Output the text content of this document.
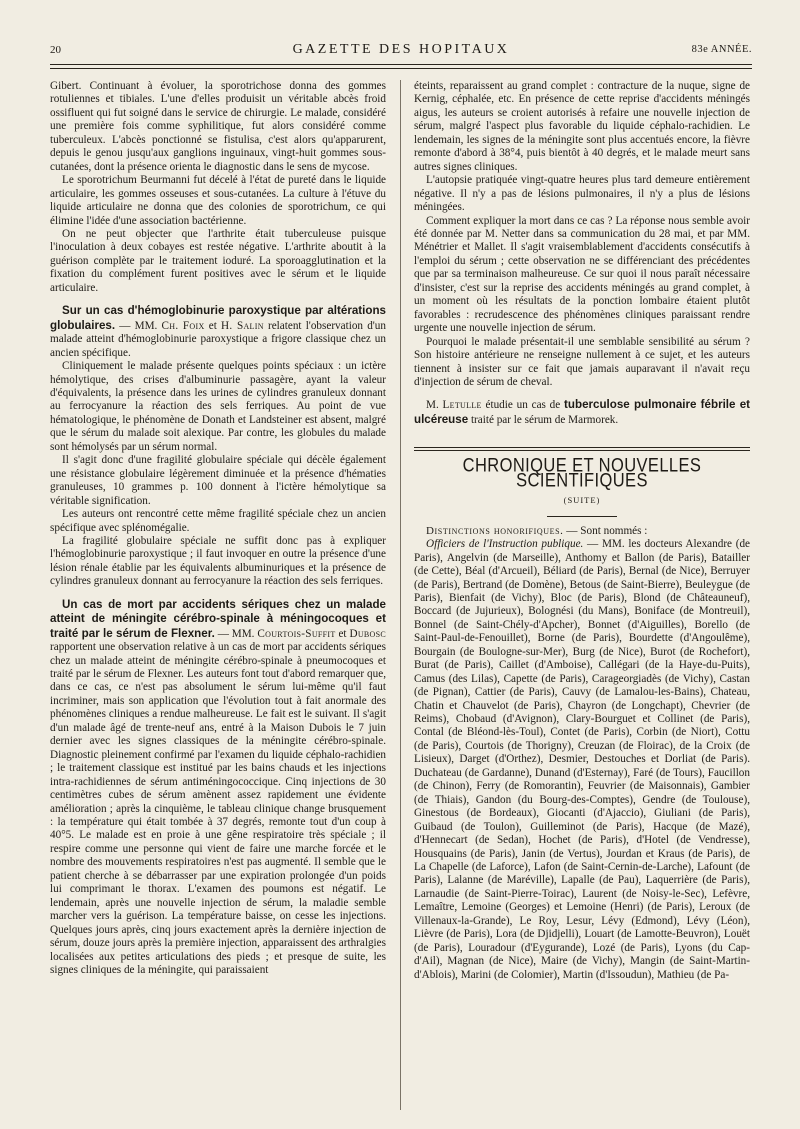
20	GAZETTE DES HOPITAUX	83e ANNÉE.

Gibert. Continuant à évoluer, la sporotrichose donna des gommes rotuliennes et tibiales. L'une d'elles produisit un véritable abcès froid ossifluent qui fut soigné dans le service de chirurgie. Le malade, considéré une première fois comme syphilitique, fut alors considéré comme tuberculeux. L'abcès ponctionné se fistulisa, c'est alors qu'apparurent, depuis le genou jusqu'aux ganglions inguinaux, vingt-huit gommes sous-cutanées, dont la présence orienta le diagnostic dans le sens de mycose.

Le sporotrichum Beurmanni fut décelé à l'état de pureté dans le liquide articulaire, les gommes osseuses et sous-cutanées. La culture à l'étuve du liquide articulaire ne donna que des colonies de sporotrichum, ce qui élimine l'idée d'une association bactérienne.

On ne peut objecter que l'arthrite était tuberculeuse puisque l'inoculation à deux cobayes est restée négative. L'arthrite aboutit à la guérison complète par le traitement ioduré. La sporoagglutination et la fixation du complément furent positives avec le sérum et le liquide articulaire.

Sur un cas d'hémoglobinurie paroxystique par altérations globulaires. — MM. Ch. Foix et H. Salin relatent l'observation d'un malade atteint d'hémoglobinurie paroxystique a frigore classique chez un ancien spécifique.

Cliniquement le malade présente quelques points spéciaux : un ictère hémolytique, des crises d'albuminurie passagère, ayant la valeur d'équivalents, la présence dans les urines de cylindres granuleux donnant au ferrocyanure la réaction des sels ferriques. Au point de vue hématologique, le phénomène de Donath et Landsteiner est absent, malgré que le sérum du malade soit alexique. Par contre, les globules du malade sont hémolysés par un sérum normal.

Il s'agit donc d'une fragilité globulaire spéciale qui décèle également une résistance globulaire légèrement diminuée et la présence d'hématies granuleuses, 10 grammes p. 100 donnent à l'ictère hémolytique sa véritable signification.

Les auteurs ont rencontré cette même fragilité spéciale chez un ancien spécifique avec splénomégalie.

La fragilité globulaire spéciale ne suffit donc pas à expliquer l'hémoglobinurie paroxystique ; il faut invoquer en outre la présence d'une lésion rénale établie par les équivalents albuminuriques et la présence de cylindres granuleux donnant au ferrocyanure la réaction des sels ferriques.

Un cas de mort par accidents sériques chez un malade atteint de méningite cérébro-spinale à méningocoques et traité par le sérum de Flexner. — MM. Courtois-Suffit et Dubosc rapportent une observation relative à un cas de mort par accidents sériques chez un malade atteint de méningite cérébro-spinale à pneumocoques et traité par le sérum de Flexner. Les auteurs font tout d'abord remarquer que, dans ce cas, ce n'est pas absolument le sérum lui-même qu'il faut incriminer, mais son application que l'évolution tout à fait anormale des phénomènes cliniques a rendue malheureuse. Le fait est le suivant. Il s'agit d'un malade âgé de trente-neuf ans, entré à la Maison Dubois le 7 juin dernier avec les signes classiques de la méningite cérébro-spinale. Diagnostic pleinement confirmé par l'examen du liquide céphalo-rachidien ; le traitement classique est institué par les bains chauds et les injections intra-rachidiennes de sérum antiméningococcique. Cinq injections de 30 centimètres cubes de sérum amènent assez rapidement une évidente amélioration ; après la cinquième, le tableau clinique change brusquement : la température qui était tombée à 37 degrés, remonte tout d'un coup à 40°5. Le malade est en proie à une gêne respiratoire très spéciale ; il respire comme une personne qui vient de faire une marche forcée et le nombre des mouvements respiratoires n'est pas augmenté. Il semble que le patient cherche à se débarrasser par une expiration prolongée d'un poids lui comprimant le thorax. L'examen des poumons est négatif. Le lendemain, après une nouvelle injection de sérum, la maladie semble marcher vers la guérison. La température baisse, on cesse les injections. Quelques jours après, cinq jours exactement après la dernière injection de sérum, douze jours après la première injection, apparaissent des arthralgies localisées aux petites articulations des pieds ; et presque de suite, les signes cliniques de la méningite, qui paraissaient

éteints, reparaissent au grand complet : contracture de la nuque, signe de Kernig, céphalée, etc. En présence de cette reprise d'accidents méningés aigus, les auteurs se croient autorisés à refaire une nouvelle injection de sérum, malgré l'aspect plus favorable du liquide céphalo-rachidien. Le lendemain, les signes de la méningite sont plus accentués encore, la fièvre remonte d'abord à 38°4, puis bientôt à 40 degrés, et le malade meurt sans autres signes cliniques.

L'autopsie pratiquée vingt-quatre heures plus tard demeure entièrement négative. Il n'y a pas de lésions pulmonaires, il n'y a plus de lésions méningées.

Comment expliquer la mort dans ce cas ? La réponse nous semble avoir été donnée par M. Netter dans sa communication du 28 mai, et par MM. Ménétrier et Mallet. Il s'agit vraisemblablement d'accidents consécutifs à l'emploi du sérum ; cette observation ne se différenciant des précédentes que par sa terminaison malheureuse. Ce sur quoi il nous paraît nécessaire d'insister, c'est sur la reprise des accidents méningés au grand complet, à un moment où les résultats de la ponction lombaire étaient plutôt favorables : recrudescence des phénomènes cliniques paraissant rendre urgente une nouvelle injection de sérum.

Pourquoi le malade présentait-il une semblable sensibilité au sérum ? Son histoire antérieure ne renseigne nullement à ce sujet, et les auteurs tiennent à insister sur ce fait que jamais auparavant il n'avait reçu d'injection de sérum de cheval.

M. Letulle étudie un cas de tuberculose pulmonaire fébrile et ulcéreuse traité par le sérum de Marmorek.

CHRONIQUE ET NOUVELLES SCIENTIFIQUES
(SUITE)

Distinctions honorifiques. — Sont nommés :

Officiers de l'Instruction publique. — MM. les docteurs Alexandre (de Paris), Angelvin (de Marseille), Anthomy et Ballon (de Paris), Batailler (de Cette), Béal (d'Arcueil), Béliard (de Paris), Bernal (de Nice), Berruyer (de Paris), Bertrand (de Domène), Betous (de Saint-Bierre), Beuleygue (de Paris), Bienfait (de Vichy), Bloc (de Paris), Blond (de Châteauneuf), Boccard (de Jujurieux), Bolognési (du Mans), Boniface (de Montreuil), Bonnel (de Saint-Chély-d'Apcher), Bonnet (d'Aiguilles), Borello (de Saint-Paul-de-Fenouillet), Borne (de Paris), Bourdette (d'Angoulême), Bourgain (de Boulogne-sur-Mer), Burg (de Nice), Burot (de Rochefort), Burat (de Paris), Caillet (d'Amboise), Callégari (de la Haye-du-Puits), Camus (des Lilas), Capette (de Paris), Carageorgiadès (de Vichy), Castan (de Pignan), Cattier (de Paris), Cauvy (de Lamalou-les-Bains), Chateau, Chatin et Chauvelot (de Paris), Chayron (de Longchapt), Chevrier (de Reims), Chobaud (d'Avignon), Clary-Bourguet et Collinet (de Paris), Contal (de Bléond-lès-Toul), Contet (de Paris), Corbin (de Niort), Cottu (de Paris), Courtois (de Thorigny), Creuzan (de Floirac), de la Croix (de Lisieux), Darget (d'Orthez), Desmier, Destouches et Dorliat (de Paris). Duchateau (de Gardanne), Dunand (d'Esternay), Faré (de Tours), Faucillon (de Chinon), Ferry (de Romorantin), Feuvrier (de Maisonnais), Gambier (de Thiais), Gandon (du Bourg-des-Comptes), Gendre (de Toulouse), Ginestous (de Bordeaux), Giocanti (d'Ajaccio), Giuliani (de Paris), Guibaud (de Toulon), Guilleminot (de Paris), Hacque (de Mazé), d'Hennecart (de Sedan), Hochet (de Paris), d'Hotel (de Vendresse), Housquains (de Paris), Janin (de Vertus), Jourdan et Kraus (de Paris), de La Chapelle (de Laforce), Lafon (de Saint-Cernin-de-Larche), Lafount (de Paris), Lalanne (de Maréville), Lapalle (de Pau), Laquerrière (de Paris), Larnaudie (de Saint-Pierre-Toirac), Laurent (de Noisy-le-Sec), Lefèvre, Lemaître, Lemoine (Georges) et Lemoine (Henri) (de Paris), Leroux (de Villenaux-la-Grande), Le Roy, Lesur, Lévy (Edmond), Lévy (Léon), Lièvre (de Paris), Lora (de Djidjelli), Louart (de Lamotte-Beuvron), Louët (de Paris), Louradour (d'Eygurande), Lozé (de Paris), Lyons (du Cap-d'Ail), Magnan (de Nice), Maire (de Vichy), Mangin (de Saint-Martin-d'Ablois), Marini (de Colomier), Martin (d'Issoudun), Mathieu (de Pa-
